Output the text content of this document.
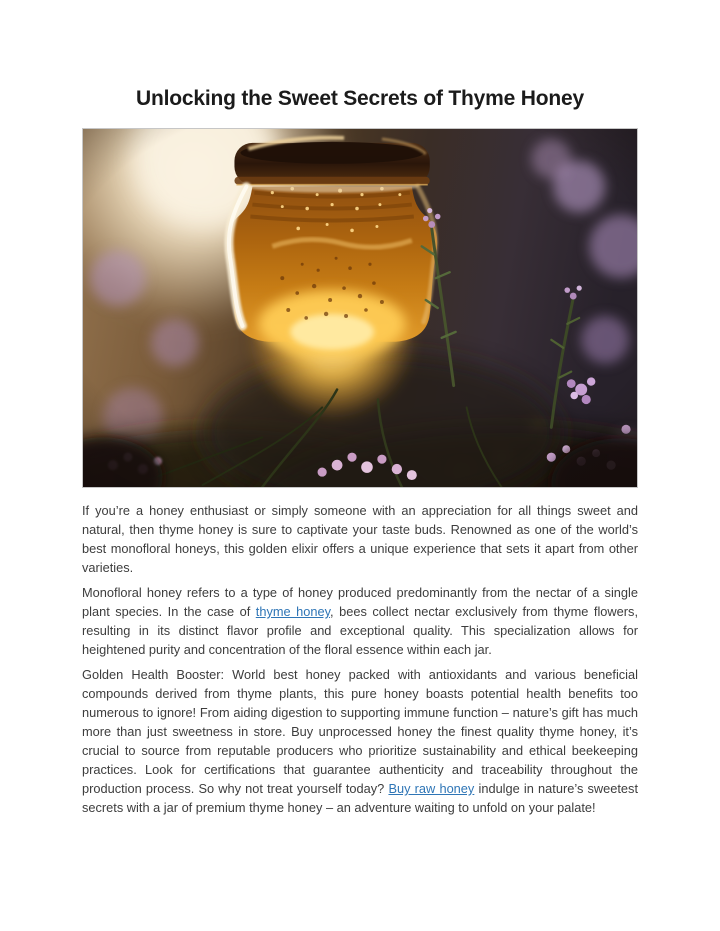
Unlocking the Sweet Secrets of Thyme Honey

If you’re a honey enthusiast or simply someone with an appreciation for all things sweet and natural, then thyme honey is sure to captivate your taste buds. Renowned as one of the world’s best monofloral honeys, this golden elixir offers a unique experience that sets it apart from other varieties.

Monofloral honey refers to a type of honey produced predominantly from the nectar of a single plant species. In the case of thyme honey, bees collect nectar exclusively from thyme flowers, resulting in its distinct flavor profile and exceptional quality. This specialization allows for heightened purity and concentration of the floral essence within each jar.

Golden Health Booster: World best honey packed with antioxidants and various beneficial compounds derived from thyme plants, this pure honey boasts potential health benefits too numerous to ignore! From aiding digestion to supporting immune function – nature’s gift has much more than just sweetness in store. Buy unprocessed honey the finest quality thyme honey, it’s crucial to source from reputable producers who prioritize sustainability and ethical beekeeping practices. Look for certifications that guarantee authenticity and traceability throughout the production process. So why not treat yourself today? Buy raw honey indulge in nature’s sweetest secrets with a jar of premium thyme honey – an adventure waiting to unfold on your palate!
